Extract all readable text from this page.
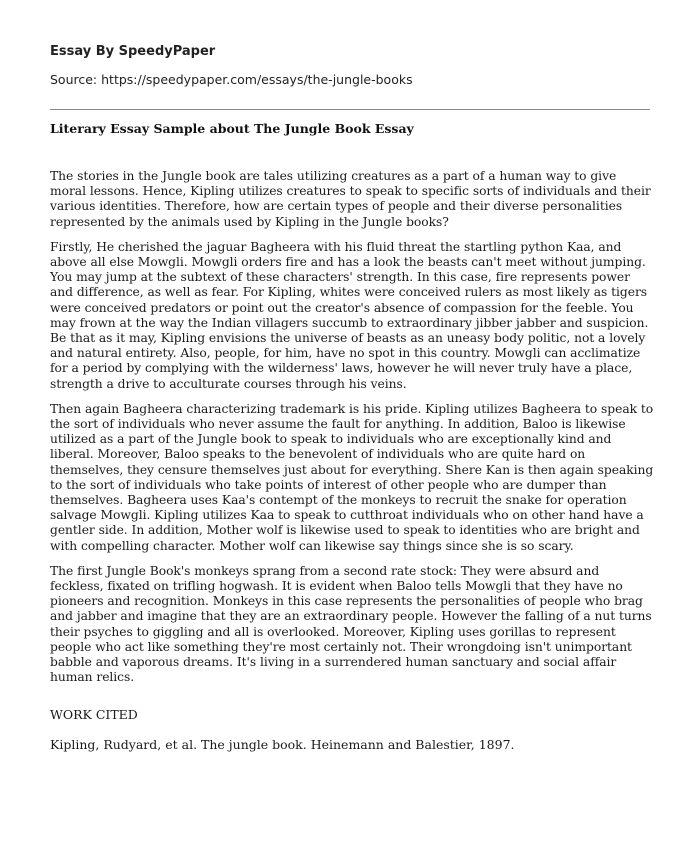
Essay By SpeedyPaper
Source: https://speedypaper.com/essays/the-jungle-books
Literary Essay Sample about The Jungle Book Essay

The stories in the Jungle book are tales utilizing creatures as a part of a human way to give moral lessons. Hence, Kipling utilizes creatures to speak to specific sorts of individuals and their various identities. Therefore, how are certain types of people and their diverse personalities represented by the animals used by Kipling in the Jungle books?

Firstly, He cherished the jaguar Bagheera with his fluid threat the startling python Kaa, and above all else Mowgli. Mowgli orders fire and has a look the beasts can't meet without jumping. You may jump at the subtext of these characters' strength. In this case, fire represents power and difference, as well as fear. For Kipling, whites were conceived rulers as most likely as tigers were conceived predators or point out the creator's absence of compassion for the feeble. You may frown at the way the Indian villagers succumb to extraordinary jibber jabber and suspicion. Be that as it may, Kipling envisions the universe of beasts as an uneasy body politic, not a lovely and natural entirety. Also, people, for him, have no spot in this country. Mowgli can acclimatize for a period by complying with the wilderness' laws, however he will never truly have a place, strength a drive to acculturate courses through his veins.

Then again Bagheera characterizing trademark is his pride. Kipling utilizes Bagheera to speak to the sort of individuals who never assume the fault for anything. In addition, Baloo is likewise utilized as a part of the Jungle book to speak to individuals who are exceptionally kind and liberal. Moreover, Baloo speaks to the benevolent of individuals who are quite hard on themselves, they censure themselves just about for everything. Shere Kan is then again speaking to the sort of individuals who take points of interest of other people who are dumper than themselves. Bagheera uses Kaa's contempt of the monkeys to recruit the snake for operation salvage Mowgli. Kipling utilizes Kaa to speak to cutthroat individuals who on other hand have a gentler side. In addition, Mother wolf is likewise used to speak to identities who are bright and with compelling character. Mother wolf can likewise say things since she is so scary.

The first Jungle Book's monkeys sprang from a second rate stock: They were absurd and feckless, fixated on trifling hogwash. It is evident when Baloo tells Mowgli that they have no pioneers and recognition. Monkeys in this case represents the personalities of people who brag and jabber and imagine that they are an extraordinary people. However the falling of a nut turns their psyches to giggling and all is overlooked. Moreover, Kipling uses gorillas to represent people who act like something they're most certainly not. Their wrongdoing isn't unimportant babble and vaporous dreams. It's living in a surrendered human sanctuary and social affair human relics.

WORK CITED
Kipling, Rudyard, et al. The jungle book. Heinemann and Balestier, 1897.
